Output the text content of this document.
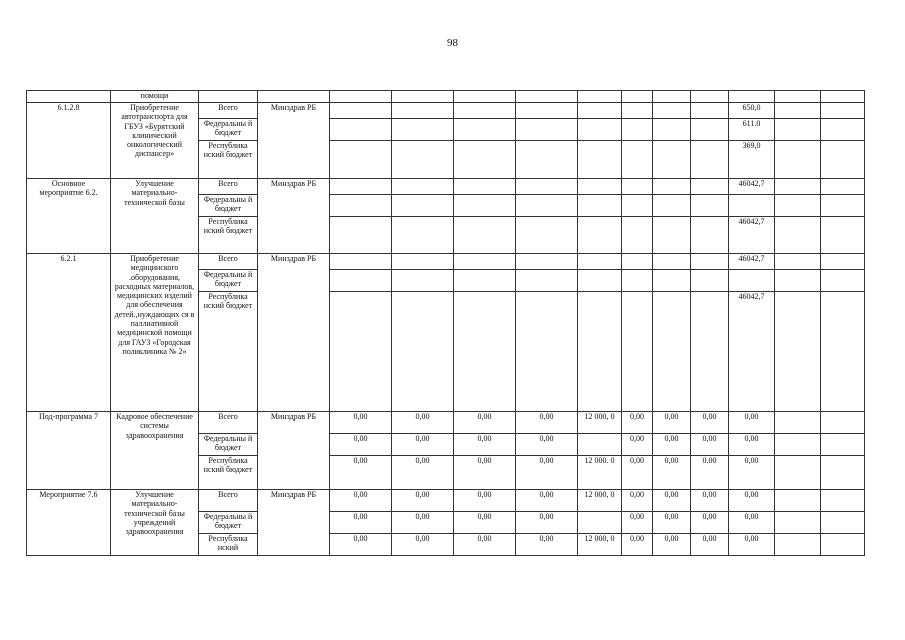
98
	помощи													
6.1.2.8	Приобретение автотранспорта для ГБУЗ «Бурятский клинический онкологический диспансер»	Всего	Минздрав РБ									650,0		
		Федеральны й бюджет										611.0		
		Республика нский бюджет										369,0		
Основное мероприятие 6.2.	Улучшение материально-технической базы	Всего	Минздрав РБ									46042,7		
		Федеральны й бюджет												
		Республика нский бюджет										46042,7		
6.2.1	Приобретение медицинского .оборудования, расходных материалов, медицинских изделий для обеспечения детей.,нуждающих ся в паллиативной медицинской помощи для ГАУЗ «Городская поликлиника № 2»	Всего	Минздрав РБ									46042,7		
		Федеральны й бюджет												
		Республика нский бюджет										46042,7		
Под-программа 7	Кадровое обеспечение системы здравоохранения	Всего	Минздрав РБ	0,00	0,00	0,00	0,00	12 000, 0	0,00	0,00	0,00	0,00		
		Федеральны й бюджет		0,00	0,00	0,00	0,00		0,00	0,00	0,00	0,00		
		Республика нский бюджет		0,00	0,00	0,00	0,00	12 000. 0	0,00	0,00	0.00	0,00		
Мероприятие 7.6	Улучшение материально-технической базы учреждений здравоохранения	Всего	Минздрав РБ	0,00	0,00	0,00	0,00	12 000, 0	0,00	0,00	0,00	0,00		
		Федеральны й бюджет		0,00	0,00	0,00	0,00		0,00	0,00	0,00	0,00		
		Республика нский		0,00	0,00	0,00	0,00	12 000, 0	0,00	0,00	0,00	0,00		
